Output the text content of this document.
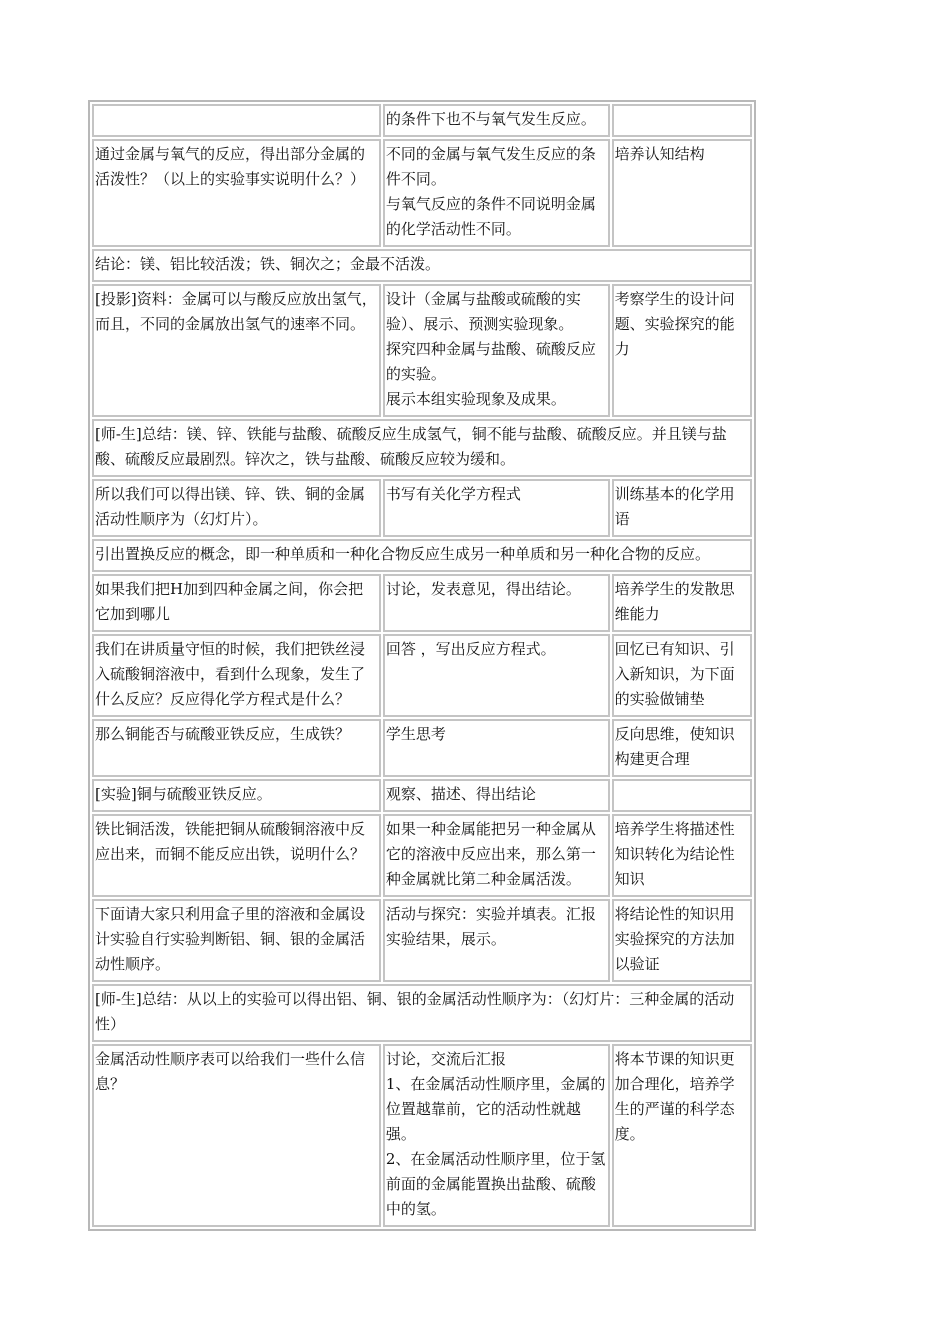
	的条件下也不与氧气发生反应。	

通过金属与氧气的反应，得出部分金属的活泼性？（以上的实验事实说明什么？）	不同的金属与氧气发生反应的条件不同。
与氧气反应的条件不同说明金属的化学活动性不同。	培养认知结构

结论：镁、铝比较活泼；铁、铜次之；金最不活泼。		

[投影]资料：金属可以与酸反应放出氢气，而且，不同的金属放出氢气的速率不同。	设计（金属与盐酸或硫酸的实验）、展示、预测实验现象。
探究四种金属与盐酸、硫酸反应的实验。
展示本组实验现象及成果。	考察学生的设计问题、实验探究的能力

[师-生]总结：镁、锌、铁能与盐酸、硫酸反应生成氢气，铜不能与盐酸、硫酸反应。并且镁与盐酸、硫酸反应最剧烈。锌次之，铁与盐酸、硫酸反应较为缓和。		

所以我们可以得出镁、锌、铁、铜的金属活动性顺序为（幻灯片）。	书写有关化学方程式	训练基本的化学用语

引出置换反应的概念，即一种单质和一种化合物反应生成另一种单质和另一种化合物的反应。		

如果我们把H加到四种金属之间，你会把它加到哪儿	讨论，发表意见，得出结论。	培养学生的发散思维能力

我们在讲质量守恒的时候，我们把铁丝浸入硫酸铜溶液中，看到什么现象，发生了什么反应？反应得化学方程式是什么？	回答 ，写出反应方程式。	回忆已有知识、引入新知识，为下面的实验做铺垫

那么铜能否与硫酸亚铁反应，生成铁？	学生思考	反向思维，使知识构建更合理

[实验]铜与硫酸亚铁反应。	观察、描述、得出结论	

铁比铜活泼，铁能把铜从硫酸铜溶液中反应出来，而铜不能反应出铁，说明什么？	如果一种金属能把另一种金属从它的溶液中反应出来，那么第一种金属就比第二种金属活泼。	培养学生将描述性知识转化为结论性知识

下面请大家只利用盒子里的溶液和金属设计实验自行实验判断铝、铜、银的金属活动性顺序。	活动与探究：实验并填表。汇报实验结果，展示。	将结论性的知识用实验探究的方法加以验证

[师-生]总结：从以上的实验可以得出铝、铜、银的金属活动性顺序为：（幻灯片：三种金属的活动性）		

金属活动性顺序表可以给我们一些什么信息？	讨论，交流后汇报
1、在金属活动性顺序里，金属的位置越靠前，它的活动性就越强。
2、在金属活动性顺序里，位于氢前面的金属能置换出盐酸、硫酸中的氢。	将本节课的知识更加合理化，培养学生的严谨的科学态度。
